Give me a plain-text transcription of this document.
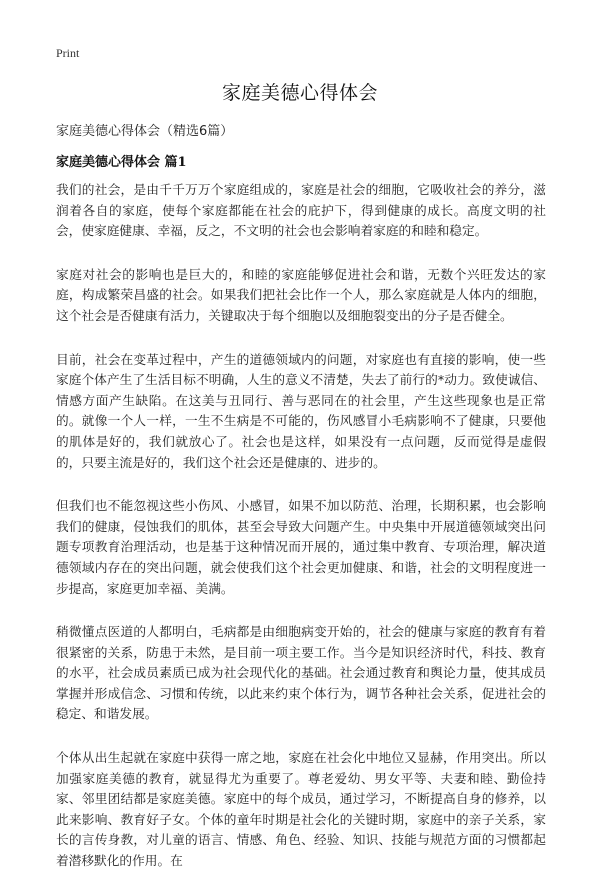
Print
家庭美德心得体会
家庭美德心得体会（精选6篇）
家庭美德心得体会 篇1

我们的社会，是由千千万万个家庭组成的，家庭是社会的细胞，它吸收社会的养分，滋润着各自的家庭，使每个家庭都能在社会的庇护下，得到健康的成长。高度文明的社会，使家庭健康、幸福，反之，不文明的社会也会影响着家庭的和睦和稳定。

家庭对社会的影响也是巨大的，和睦的家庭能够促进社会和谐，无数个兴旺发达的家庭，构成繁荣昌盛的社会。如果我们把社会比作一个人，那么家庭就是人体内的细胞，这个社会是否健康有活力，关键取决于每个细胞以及细胞裂变出的分子是否健全。

目前，社会在变革过程中，产生的道德领域内的问题，对家庭也有直接的影响，使一些家庭个体产生了生活目标不明确，人生的意义不清楚，失去了前行的*动力。致使诚信、情感方面产生缺陷。在这美与丑同行、善与恶同在的社会里，产生这些现象也是正常的。就像一个人一样，一生不生病是不可能的，伤风感冒小毛病影响不了健康，只要他的肌体是好的，我们就放心了。社会也是这样，如果没有一点问题，反而觉得是虚假的，只要主流是好的，我们这个社会还是健康的、进步的。

但我们也不能忽视这些小伤风、小感冒，如果不加以防范、治理，长期积累，也会影响我们的健康，侵蚀我们的肌体，甚至会导致大问题产生。中央集中开展道德领域突出问题专项教育治理活动，也是基于这种情况而开展的，通过集中教育、专项治理，解决道德领域内存在的突出问题，就会使我们这个社会更加健康、和谐，社会的文明程度进一步提高，家庭更加幸福、美满。

稍微懂点医道的人都明白，毛病都是由细胞病变开始的，社会的健康与家庭的教育有着很紧密的关系，防患于未然，是目前一项主要工作。当今是知识经济时代，科技、教育的水平，社会成员素质已成为社会现代化的基础。社会通过教育和舆论力量，使其成员掌握并形成信念、习惯和传统，以此来约束个体行为，调节各种社会关系，促进社会的稳定、和谐发展。

个体从出生起就在家庭中获得一席之地，家庭在社会化中地位又显赫，作用突出。所以加强家庭美德的教育，就显得尤为重要了。尊老爱幼、男女平等、夫妻和睦、勤俭持家、邻里团结都是家庭美德。家庭中的每个成员，通过学习，不断提高自身的修养，以此来影响、教育好子女。个体的童年时期是社会化的关键时期，家庭中的亲子关系，家长的言传身教，对儿童的语言、情感、角色、经验、知识、技能与规范方面的习惯都起着潜移默化的作用。在
